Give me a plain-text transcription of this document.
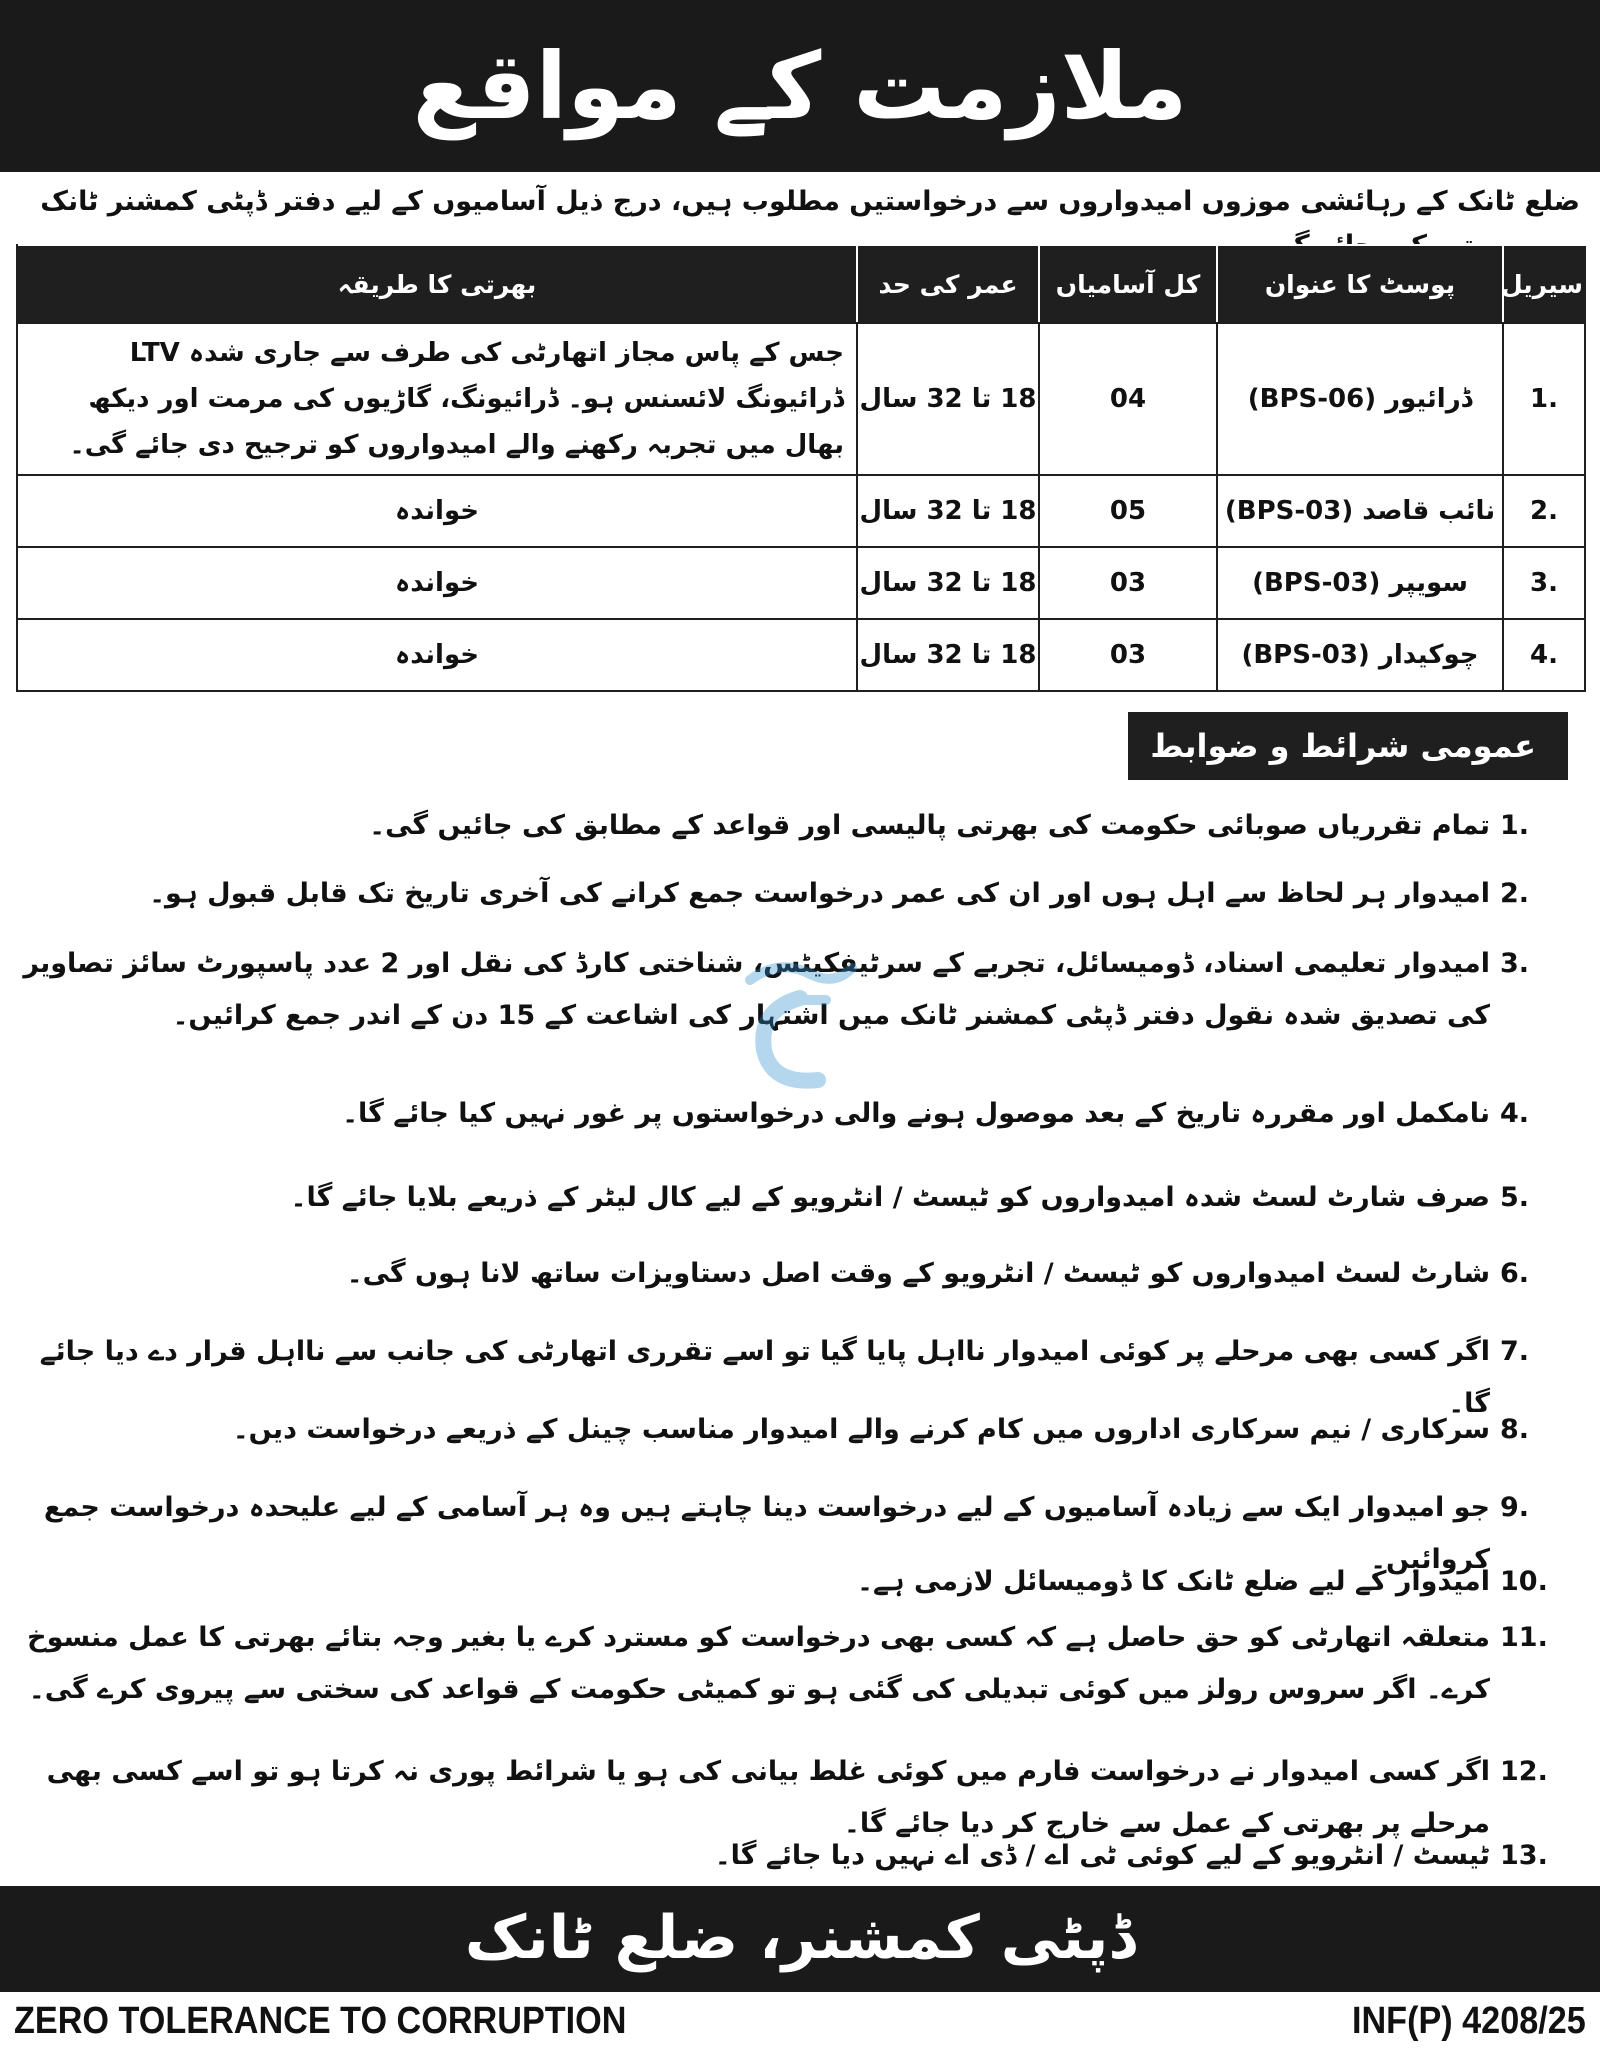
ملازمت کے مواقع
ضلع ٹانک کے رہائشی موزوں امیدواروں سے درخواستیں مطلوب ہیں، درج ذیل آسامیوں کے لیے دفتر ڈپٹی کمشنر ٹانک
سیریل	پوسٹ کا عنوان	کل آسامیاں	عمر کی حد	بھرتی کا طریقہ
1.	ڈرائیور (BPS-06)	04	18 تا 32 سال	جس کے پاس مجاز اتھارٹی کی طرف سے جاری شدہ LTV ڈرائیونگ لائسنس ہو۔ ڈرائیونگ، گاڑیوں کی مرمت اور دیکھ بھال میں تجربہ رکھنے والے امیدواروں کو ترجیح دی جائے گی۔
2.	نائب قاصد (BPS-03)	05	18 تا 32 سال	خواندہ
3.	سویپر (BPS-03)	03	18 تا 32 سال	خواندہ
4.	چوکیدار (BPS-03)	03	18 تا 32 سال	خواندہ
عمومی شرائط و ضوابط
1.
تمام تقرریاں صوبائی حکومت کی بھرتی پالیسی اور قواعد کے مطابق کی جائیں گی۔
2.
امیدوار ہر لحاظ سے اہل ہوں اور ان کی عمر درخواست جمع کرانے کی آخری تاریخ تک قابل قبول ہو۔
3.
امیدوار تعلیمی اسناد، ڈومیسائل، تجربے کے سرٹیفکیٹس، شناختی کارڈ کی نقل اور 2 عدد پاسپورٹ سائز تصاویر کی تصدیق شدہ نقول دفتر ڈپٹی کمشنر ٹانک میں اشتہار کی اشاعت کے 15 دن کے اندر جمع کرائیں۔
4.
نامکمل اور مقررہ تاریخ کے بعد موصول ہونے والی درخواستوں پر غور نہیں کیا جائے گا۔
5.
صرف شارٹ لسٹ شدہ امیدواروں کو ٹیسٹ / انٹرویو کے لیے کال لیٹر کے ذریعے بلایا جائے گا۔
6.
شارٹ لسٹ امیدواروں کو ٹیسٹ / انٹرویو کے وقت اصل دستاویزات ساتھ لانا ہوں گی۔
7.
اگر کسی بھی مرحلے پر کوئی امیدوار نااہل پایا گیا تو اسے تقرری اتھارٹی کی جانب سے نااہل قرار دے دیا جائے گا۔
8.
سرکاری / نیم سرکاری اداروں میں کام کرنے والے امیدوار مناسب چینل کے ذریعے درخواست دیں۔
9.
جو امیدوار ایک سے زیادہ آسامیوں کے لیے درخواست دینا چاہتے ہیں وہ ہر آسامی کے لیے علیحدہ درخواست جمع کروائیں۔
10.
امیدوار کے لیے ضلع ٹانک کا ڈومیسائل لازمی ہے۔
11.
متعلقہ اتھارٹی کو حق حاصل ہے کہ کسی بھی درخواست کو مسترد کرے یا بغیر وجہ بتائے بھرتی کا عمل منسوخ کرے۔ اگر سروس رولز میں کوئی تبدیلی کی گئی ہو تو کمیٹی حکومت کے قواعد کی سختی سے پیروی کرے گی۔
12.
اگر کسی امیدوار نے درخواست فارم میں کوئی غلط بیانی کی ہو یا شرائط پوری نہ کرتا ہو تو اسے کسی بھی مرحلے پر بھرتی کے عمل سے خارج کر دیا جائے گا۔
13.
ٹیسٹ / انٹرویو کے لیے کوئی ٹی اے / ڈی اے نہیں دیا جائے گا۔
ڈپٹی کمشنر، ضلع ٹانک
ZERO TOLERANCE TO CORRUPTION	INF(P) 4208/25
